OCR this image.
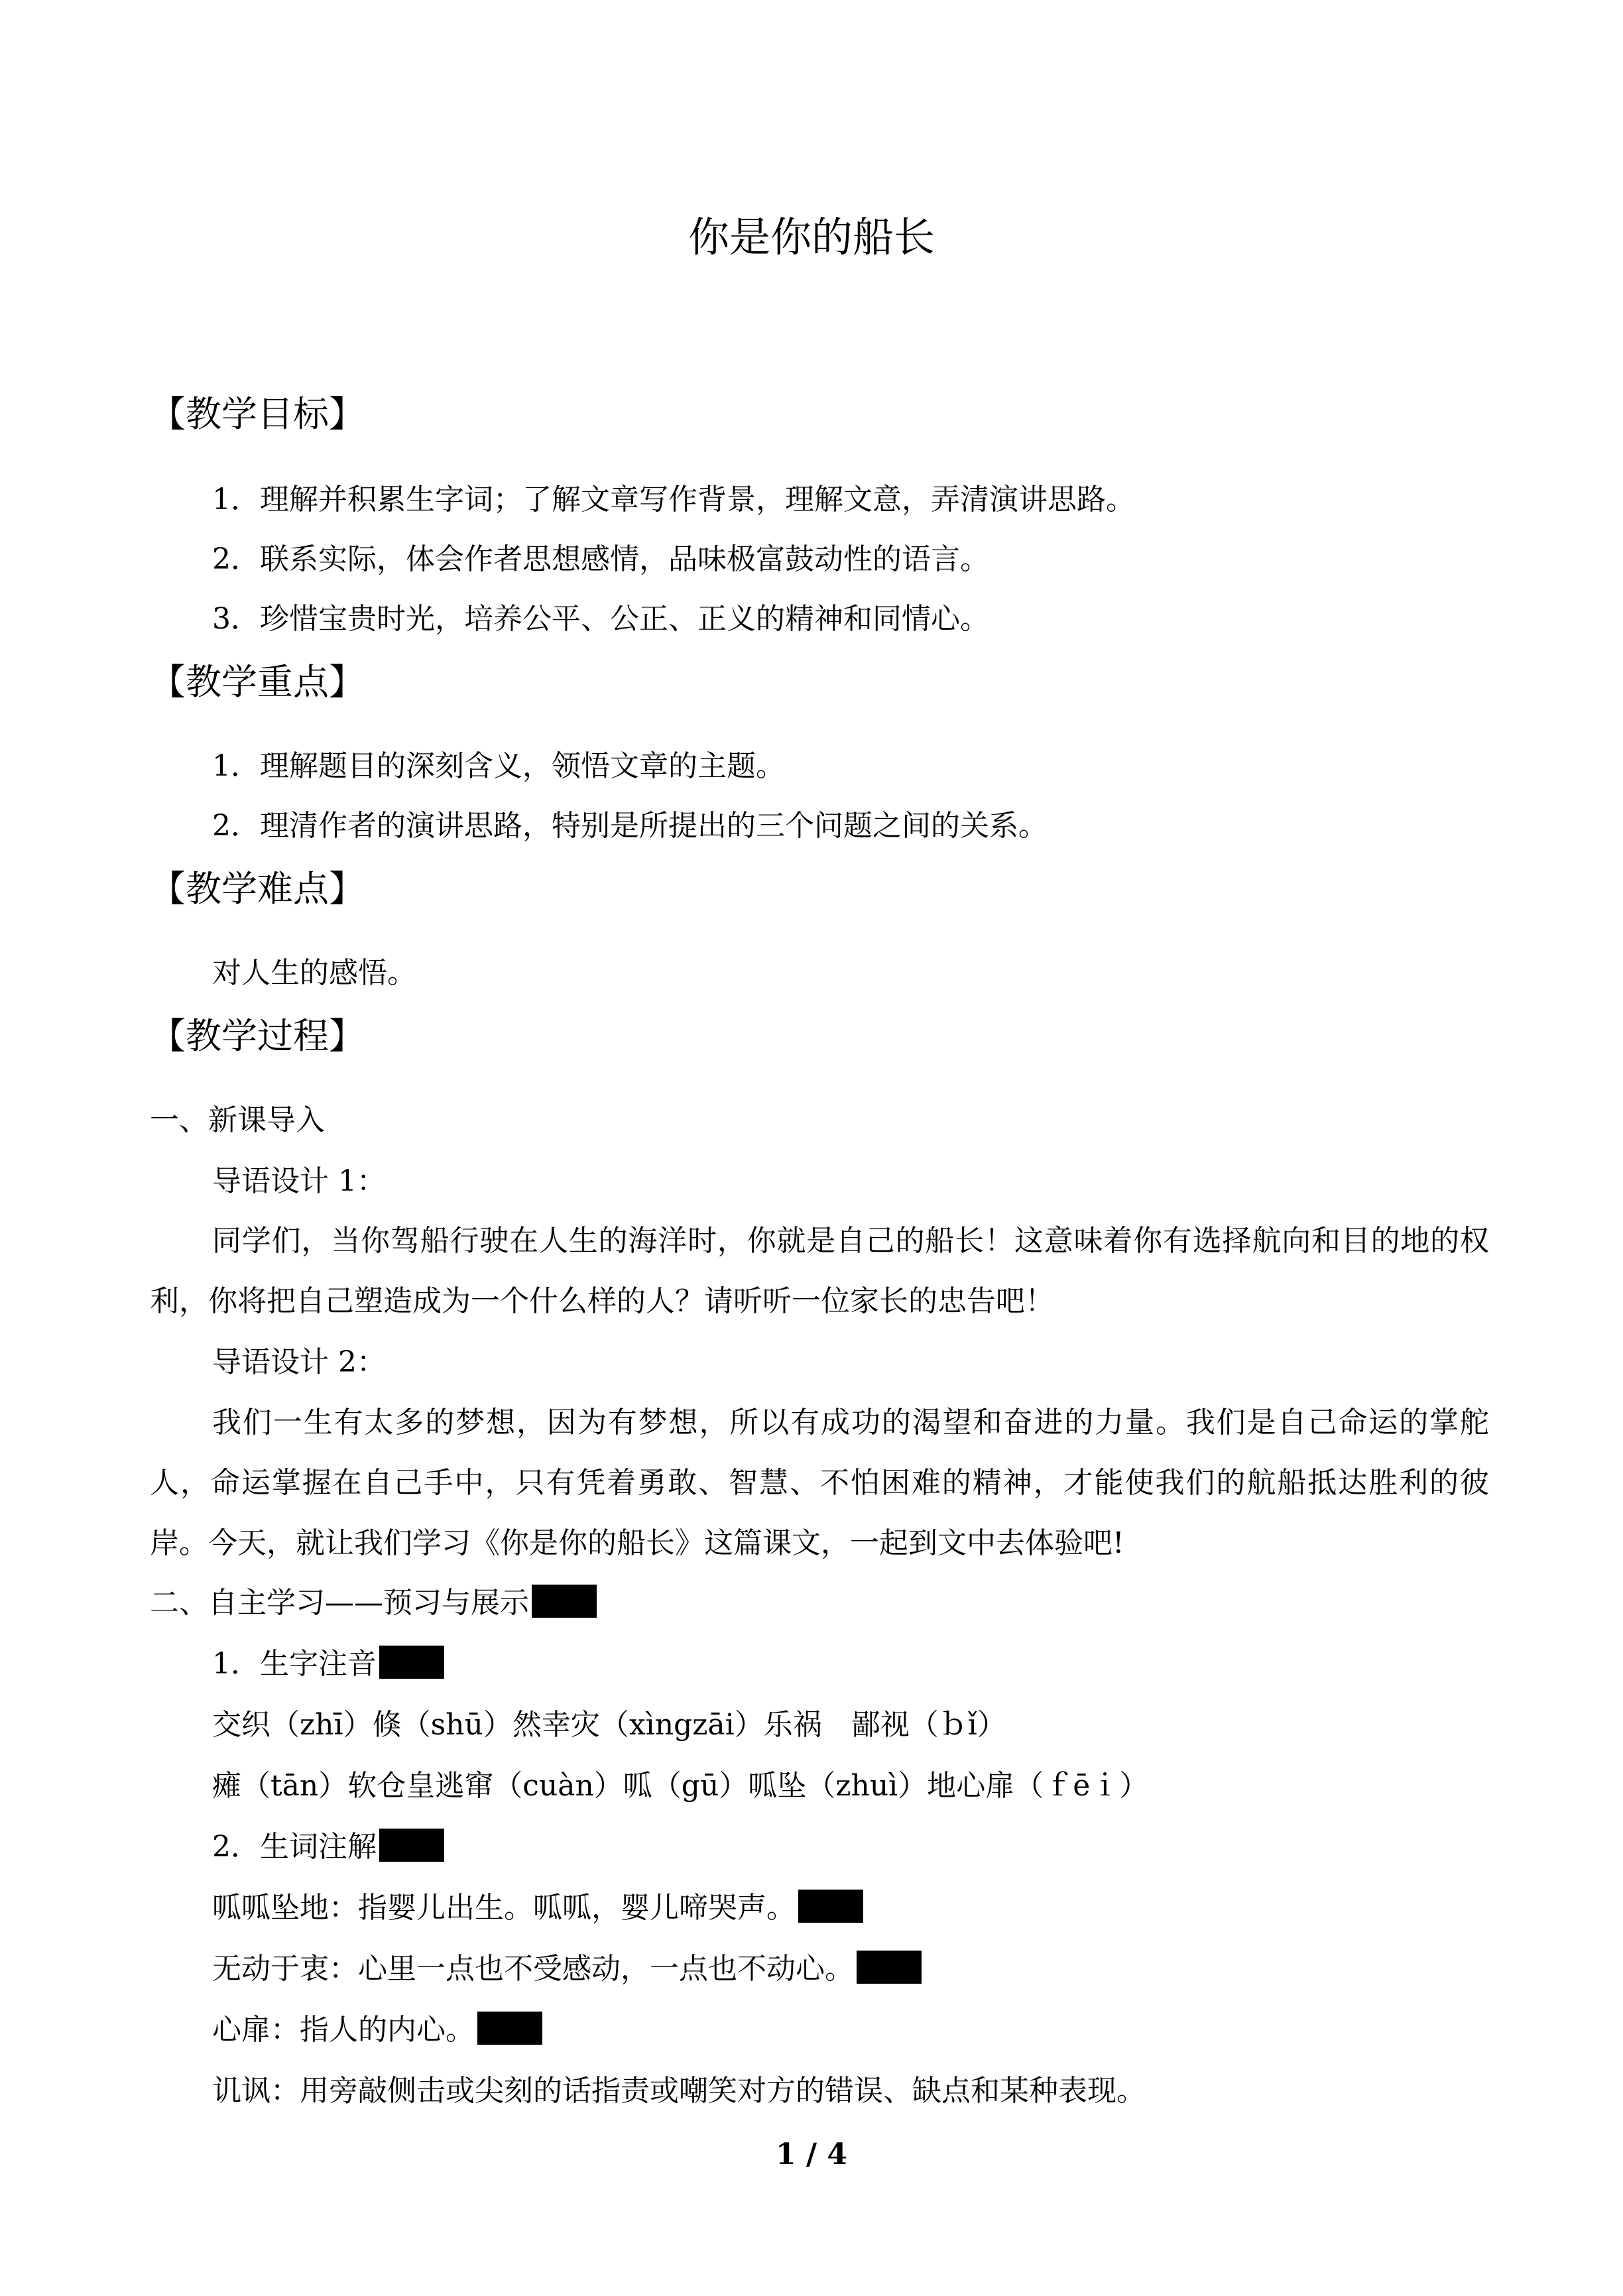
你是你的船长
【教学目标】
1．理解并积累生字词；了解文章写作背景，理解文意，弄清演讲思路。
2．联系实际，体会作者思想感情，品味极富鼓动性的语言。
3．珍惜宝贵时光，培养公平、公正、正义的精神和同情心。
【教学重点】
1．理解题目的深刻含义，领悟文章的主题。
2．理清作者的演讲思路，特别是所提出的三个问题之间的关系。
【教学难点】
对人生的感悟。
【教学过程】
一、新课导入
导语设计 1：
同学们，当你驾船行驶在人生的海洋时，你就是自己的船长！这意味着你有选择航向和目的地的权利，你将把自己塑造成为一个什么样的人？请听听一位家长的忠告吧！
导语设计 2：
我们一生有太多的梦想，因为有梦想，所以有成功的渴望和奋进的力量。我们是自己命运的掌舵人，命运掌握在自己手中，只有凭着勇敢、智慧、不怕困难的精神，才能使我们的航船抵达胜利的彼岸。今天，就让我们学习《你是你的船长》这篇课文，一起到文中去体验吧!
二、自主学习——预习与展示
1．生字注音
交织（zhī）倏（shū）然幸灾（xìngzāi）乐祸　鄙视（ｂǐ）
瘫（tān）软仓皇逃窜（cuàn）呱（gū）呱坠（zhuì）地心扉（ｆēｉ）
2．生词注解
呱呱坠地：指婴儿出生。呱呱，婴儿啼哭声。
无动于衷：心里一点也不受感动，一点也不动心。
心扉：指人的内心。
讥讽：用旁敲侧击或尖刻的话指责或嘲笑对方的错误、缺点和某种表现。
1 / 4
